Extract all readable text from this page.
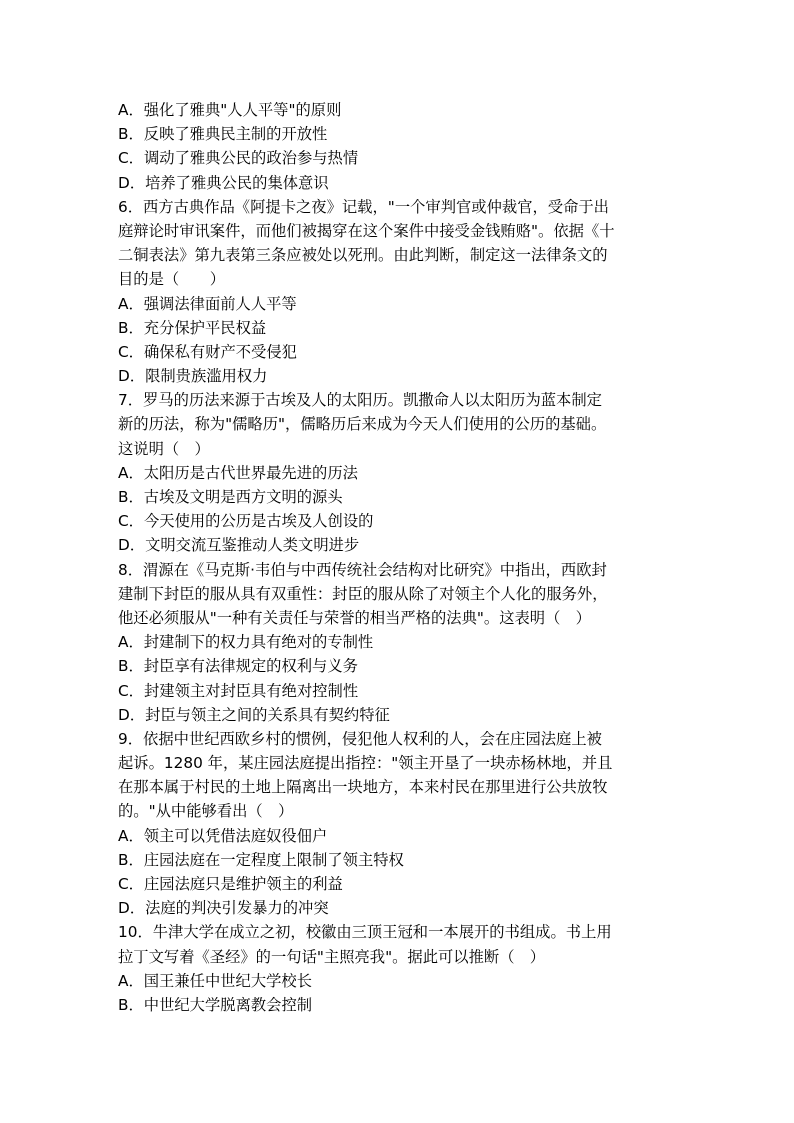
A．强化了雅典"人人平等"的原则
B．反映了雅典民主制的开放性
C．调动了雅典公民的政治参与热情
D．培养了雅典公民的集体意识
6．西方古典作品《阿提卡之夜》记载，"一个审判官或仲裁官，受命于出
庭辩论时审讯案件，而他们被揭穿在这个案件中接受金钱贿赂"。依据《十
二铜表法》第九表第三条应被处以死刑。由此判断，制定这一法律条文的
目的是（　　）
A．强调法律面前人人平等
B．充分保护平民权益
C．确保私有财产不受侵犯
D．限制贵族滥用权力
7．罗马的历法来源于古埃及人的太阳历。凯撒命人以太阳历为蓝本制定
新的历法，称为"儒略历"，儒略历后来成为今天人们使用的公历的基础。
这说明（　）
A．太阳历是古代世界最先进的历法
B．古埃及文明是西方文明的源头
C．今天使用的公历是古埃及人创设的
D．文明交流互鉴推动人类文明进步
8．渭源在《马克斯·韦伯与中西传统社会结构对比研究》中指出，西欧封
建制下封臣的服从具有双重性：封臣的服从除了对领主个人化的服务外，
他还必须服从"一种有关责任与荣誉的相当严格的法典"。这表明（　）
A．封建制下的权力具有绝对的专制性
B．封臣享有法律规定的权利与义务
C．封建领主对封臣具有绝对控制性
D．封臣与领主之间的关系具有契约特征
9．依据中世纪西欧乡村的惯例，侵犯他人权利的人，会在庄园法庭上被
起诉。1280 年，某庄园法庭提出指控："领主开垦了一块赤杨林地，并且
在那本属于村民的土地上隔离出一块地方，本来村民在那里进行公共放牧
的。"从中能够看出（　）
A．领主可以凭借法庭奴役佃户
B．庄园法庭在一定程度上限制了领主特权
C．庄园法庭只是维护领主的利益
D．法庭的判决引发暴力的冲突
10．牛津大学在成立之初，校徽由三顶王冠和一本展开的书组成。书上用
拉丁文写着《圣经》的一句话"主照亮我"。据此可以推断（　）
A．国王兼任中世纪大学校长
B．中世纪大学脱离教会控制
